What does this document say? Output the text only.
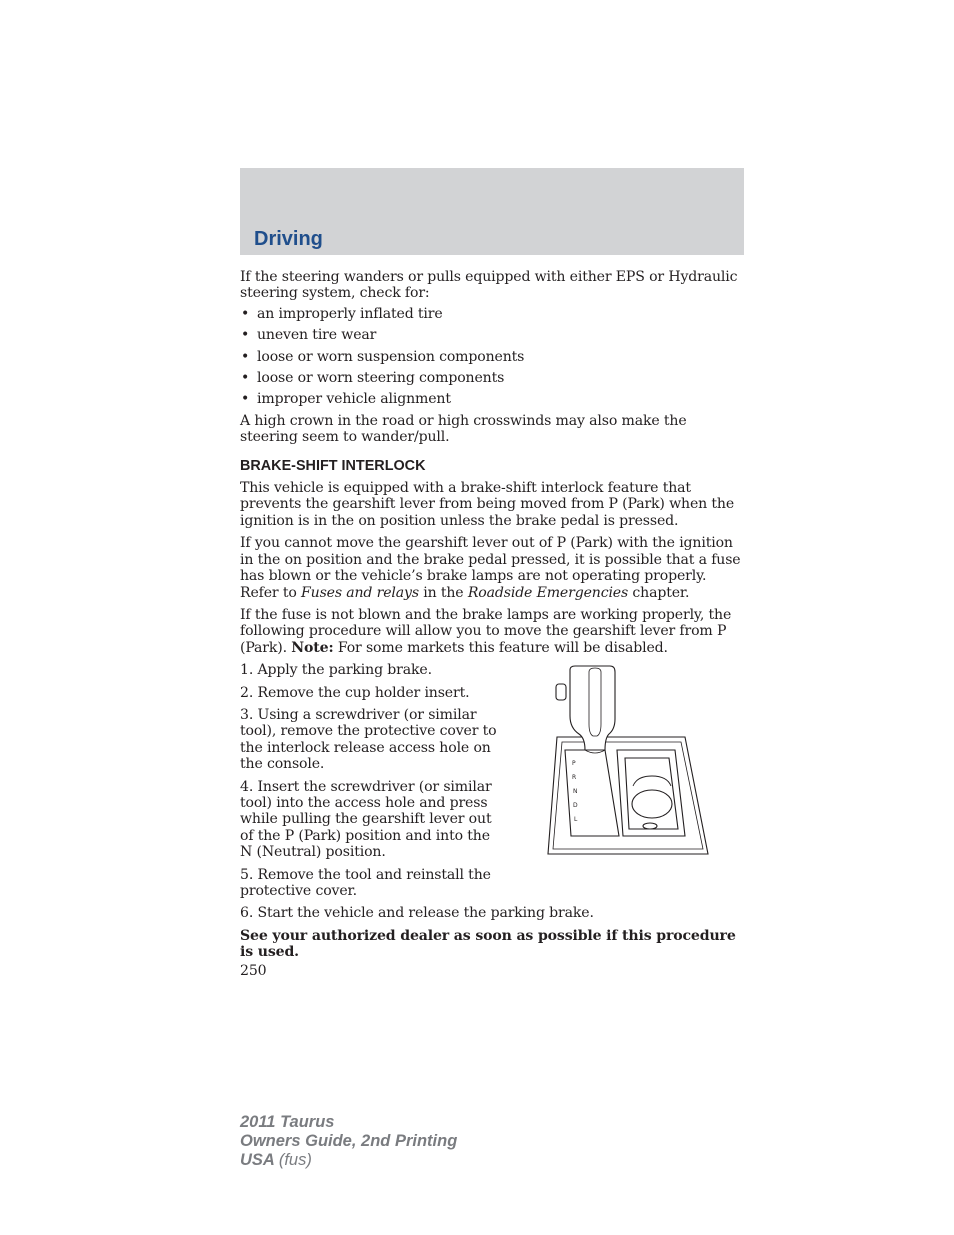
Driving

If the steering wanders or pulls equipped with either EPS or Hydraulic steering system, check for:

• an improperly inflated tire
• uneven tire wear
• loose or worn suspension components
• loose or worn steering components
• improper vehicle alignment

A high crown in the road or high crosswinds may also make the steering seem to wander/pull.

BRAKE-SHIFT INTERLOCK

This vehicle is equipped with a brake-shift interlock feature that prevents the gearshift lever from being moved from P (Park) when the ignition is in the on position unless the brake pedal is pressed.

If you cannot move the gearshift lever out of P (Park) with the ignition in the on position and the brake pedal pressed, it is possible that a fuse has blown or the vehicle’s brake lamps are not operating properly. Refer to Fuses and relays in the Roadside Emergencies chapter.

If the fuse is not blown and the brake lamps are working properly, the following procedure will allow you to move the gearshift lever from P (Park). Note: For some markets this feature will be disabled.

1. Apply the parking brake.

2. Remove the cup holder insert.

3. Using a screwdriver (or similar tool), remove the protective cover to the interlock release access hole on the console.

4. Insert the screwdriver (or similar tool) into the access hole and press while pulling the gearshift lever out of the P (Park) position and into the N (Neutral) position.

5. Remove the tool and reinstall the protective cover.

6. Start the vehicle and release the parking brake.

See your authorized dealer as soon as possible if this procedure is used.

250

P
R
N
D
L
2011 Taurus
Owners Guide, 2nd Printing
USA (fus)
